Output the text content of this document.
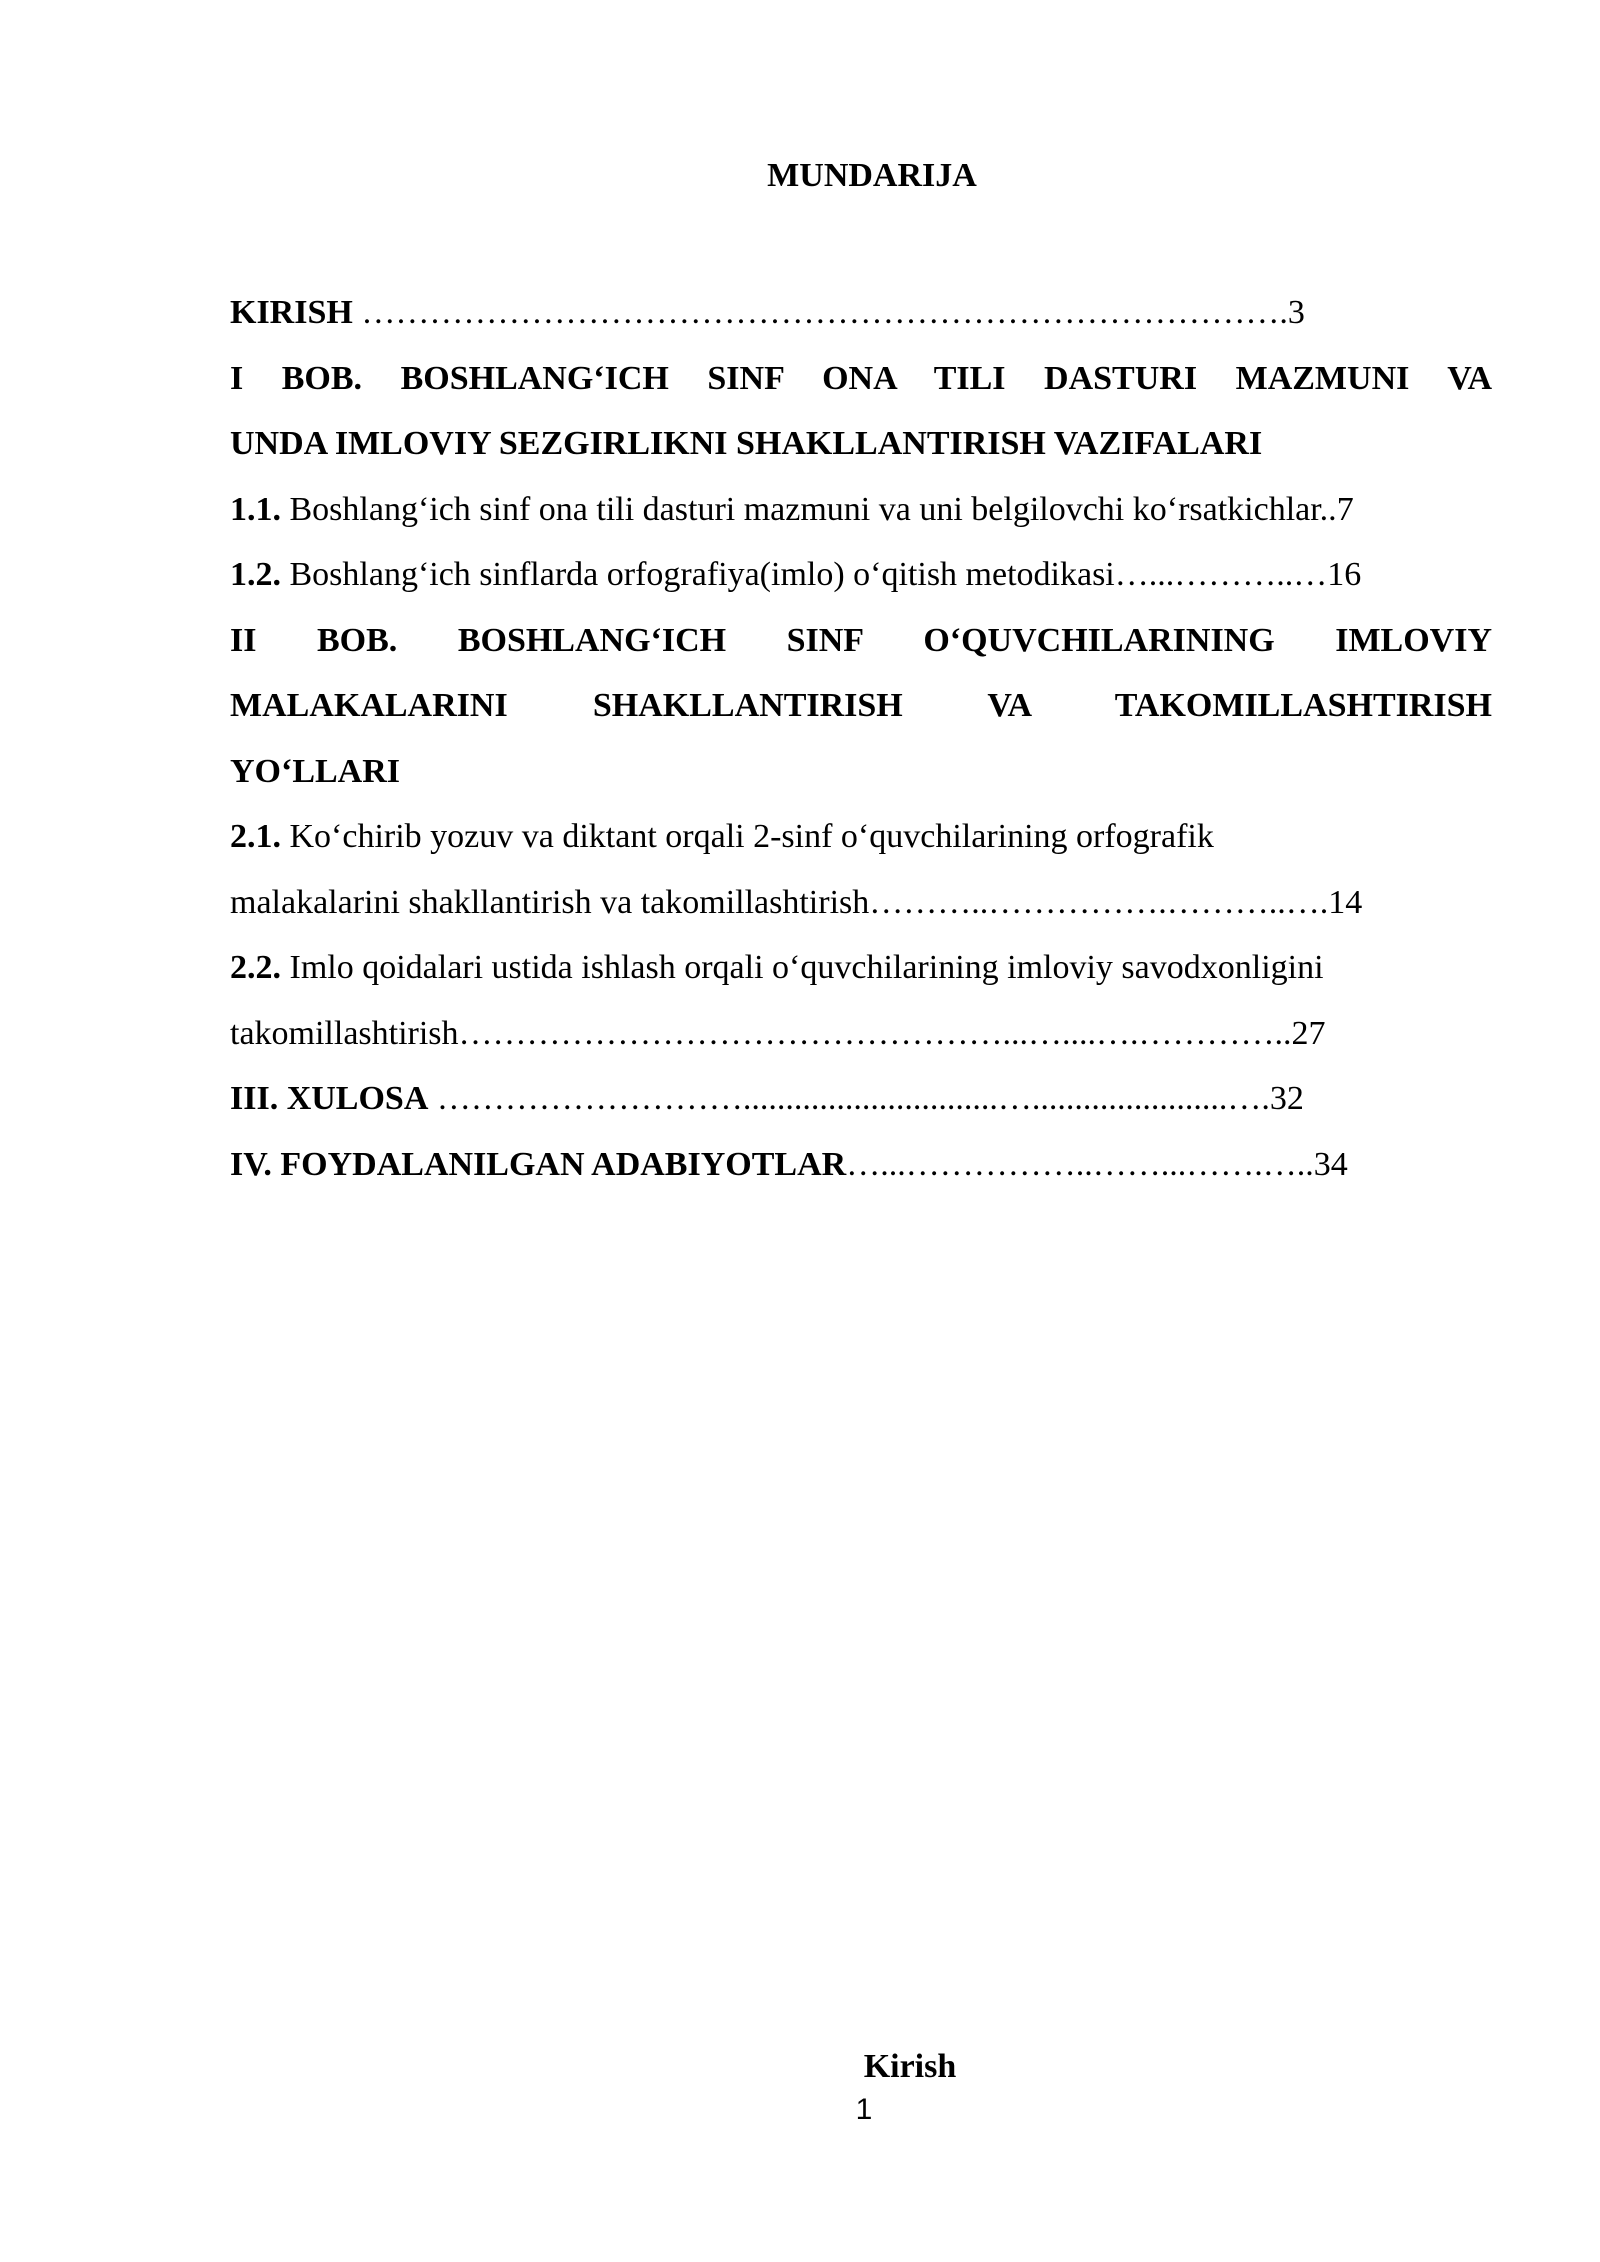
MUNDARIJA
KIRISH ……………………………………………………………………….3
I BOB. BOSHLANG‘ICH SINF ONA TILI DASTURI MAZMUNI VA
UNDA IMLOVIY SEZGIRLIKNI SHAKLLANTIRISH VAZIFALARI
1.1. Boshlang‘ich sinf ona tili dasturi mazmuni va uni belgilovchi ko‘rsatkichlar..7
1.2. Boshlang‘ich sinflarda orfografiya(imlo) o‘qitish metodikasi…...………..…16
II BOB. BOSHLANG‘ICH SINF O‘QUVCHILARINING IMLOVIY
MALAKALARINI SHAKLLANTIRISH VA TAKOMILLASHTIRISH
YO‘LLARI
2.1. Ko‘chirib yozuv va diktant orqali 2-sinf o‘quvchilarining orfografik
malakalarini shakllantirish va takomillashtirish………..…………….………..….14
2.2. Imlo qoidalari ustida ishlash orqali o‘quvchilarining imloviy savodxonligini
takomillashtirish…………………………………………...…....….…………..27
III. XULOSA ………………………..............................….......................….32
IV. FOYDALANILGAN ADABIYOTLAR…...……………..……...…….…..34
Kirish
1
